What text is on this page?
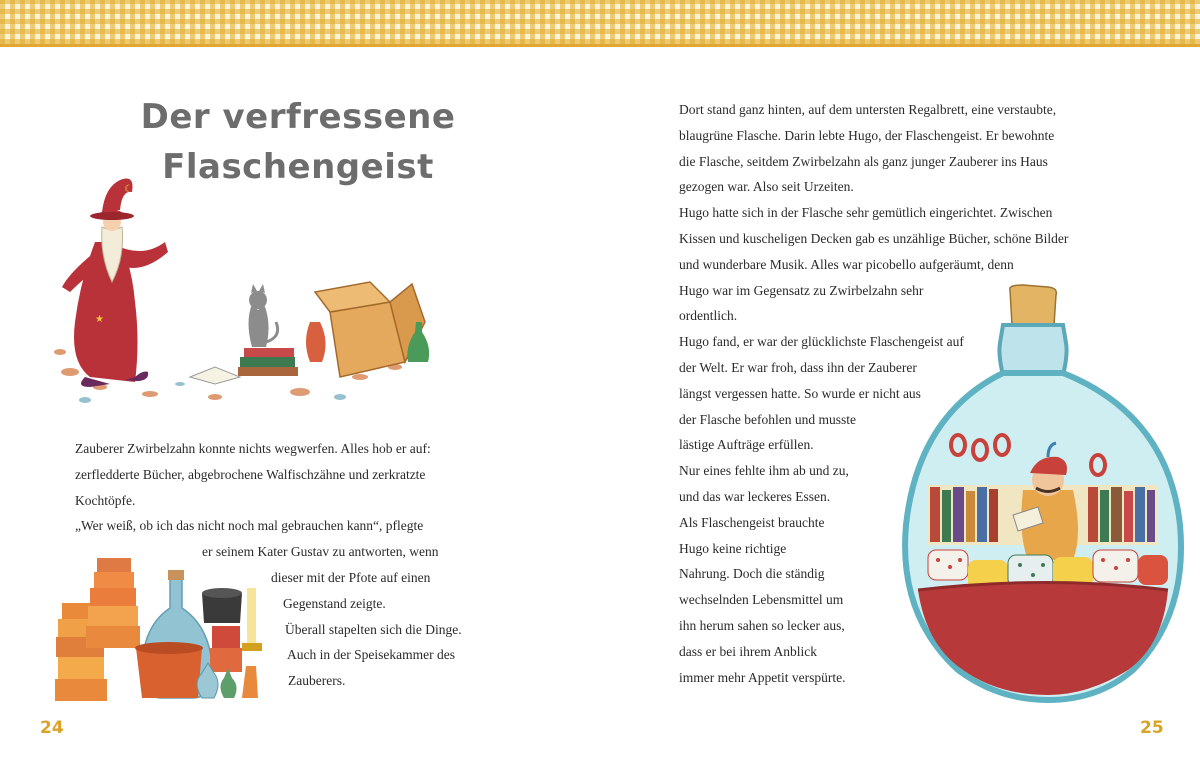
Der verfressene
Flaschengeist
☾
★
Zauberer Zwirbelzahn konnte nichts wegwerfen. Alles hob er auf:
zerfledderte Bücher, abgebrochene Walfischzähne und zerkratzte
Kochtöpfe.
„Wer weiß, ob ich das nicht noch mal gebrauchen kann“, pflegte
er seinem Kater Gustav zu antworten, wenn
dieser mit der Pfote auf einen
Gegenstand zeigte.
Überall stapelten sich die Dinge.
Auch in der Speisekammer des
Zauberers.
24
Dort stand ganz hinten, auf dem untersten Regalbrett, eine verstaubte,
blaugrüne Flasche. Darin lebte Hugo, der Flaschengeist. Er bewohnte
die Flasche, seitdem Zwirbelzahn als ganz junger Zauberer ins Haus
gezogen war. Also seit Urzeiten.
Hugo hatte sich in der Flasche sehr gemütlich eingerichtet. Zwischen
Kissen und kuscheligen Decken gab es unzählige Bücher, schöne Bilder
und wunderbare Musik. Alles war picobello aufgeräumt, denn
Hugo war im Gegensatz zu Zwirbelzahn sehr
ordentlich.
Hugo fand, er war der glücklichste Flaschengeist auf
der Welt. Er war froh, dass ihn der Zauberer
längst vergessen hatte. So wurde er nicht aus
der Flasche befohlen und musste
lästige Aufträge erfüllen.
Nur eines fehlte ihm ab und zu,
und das war leckeres Essen.
Als Flaschengeist brauchte
Hugo keine richtige
Nahrung. Doch die ständig
wechselnden Lebensmittel um
ihn herum sahen so lecker aus,
dass er bei ihrem Anblick
immer mehr Appetit verspürte.
25
